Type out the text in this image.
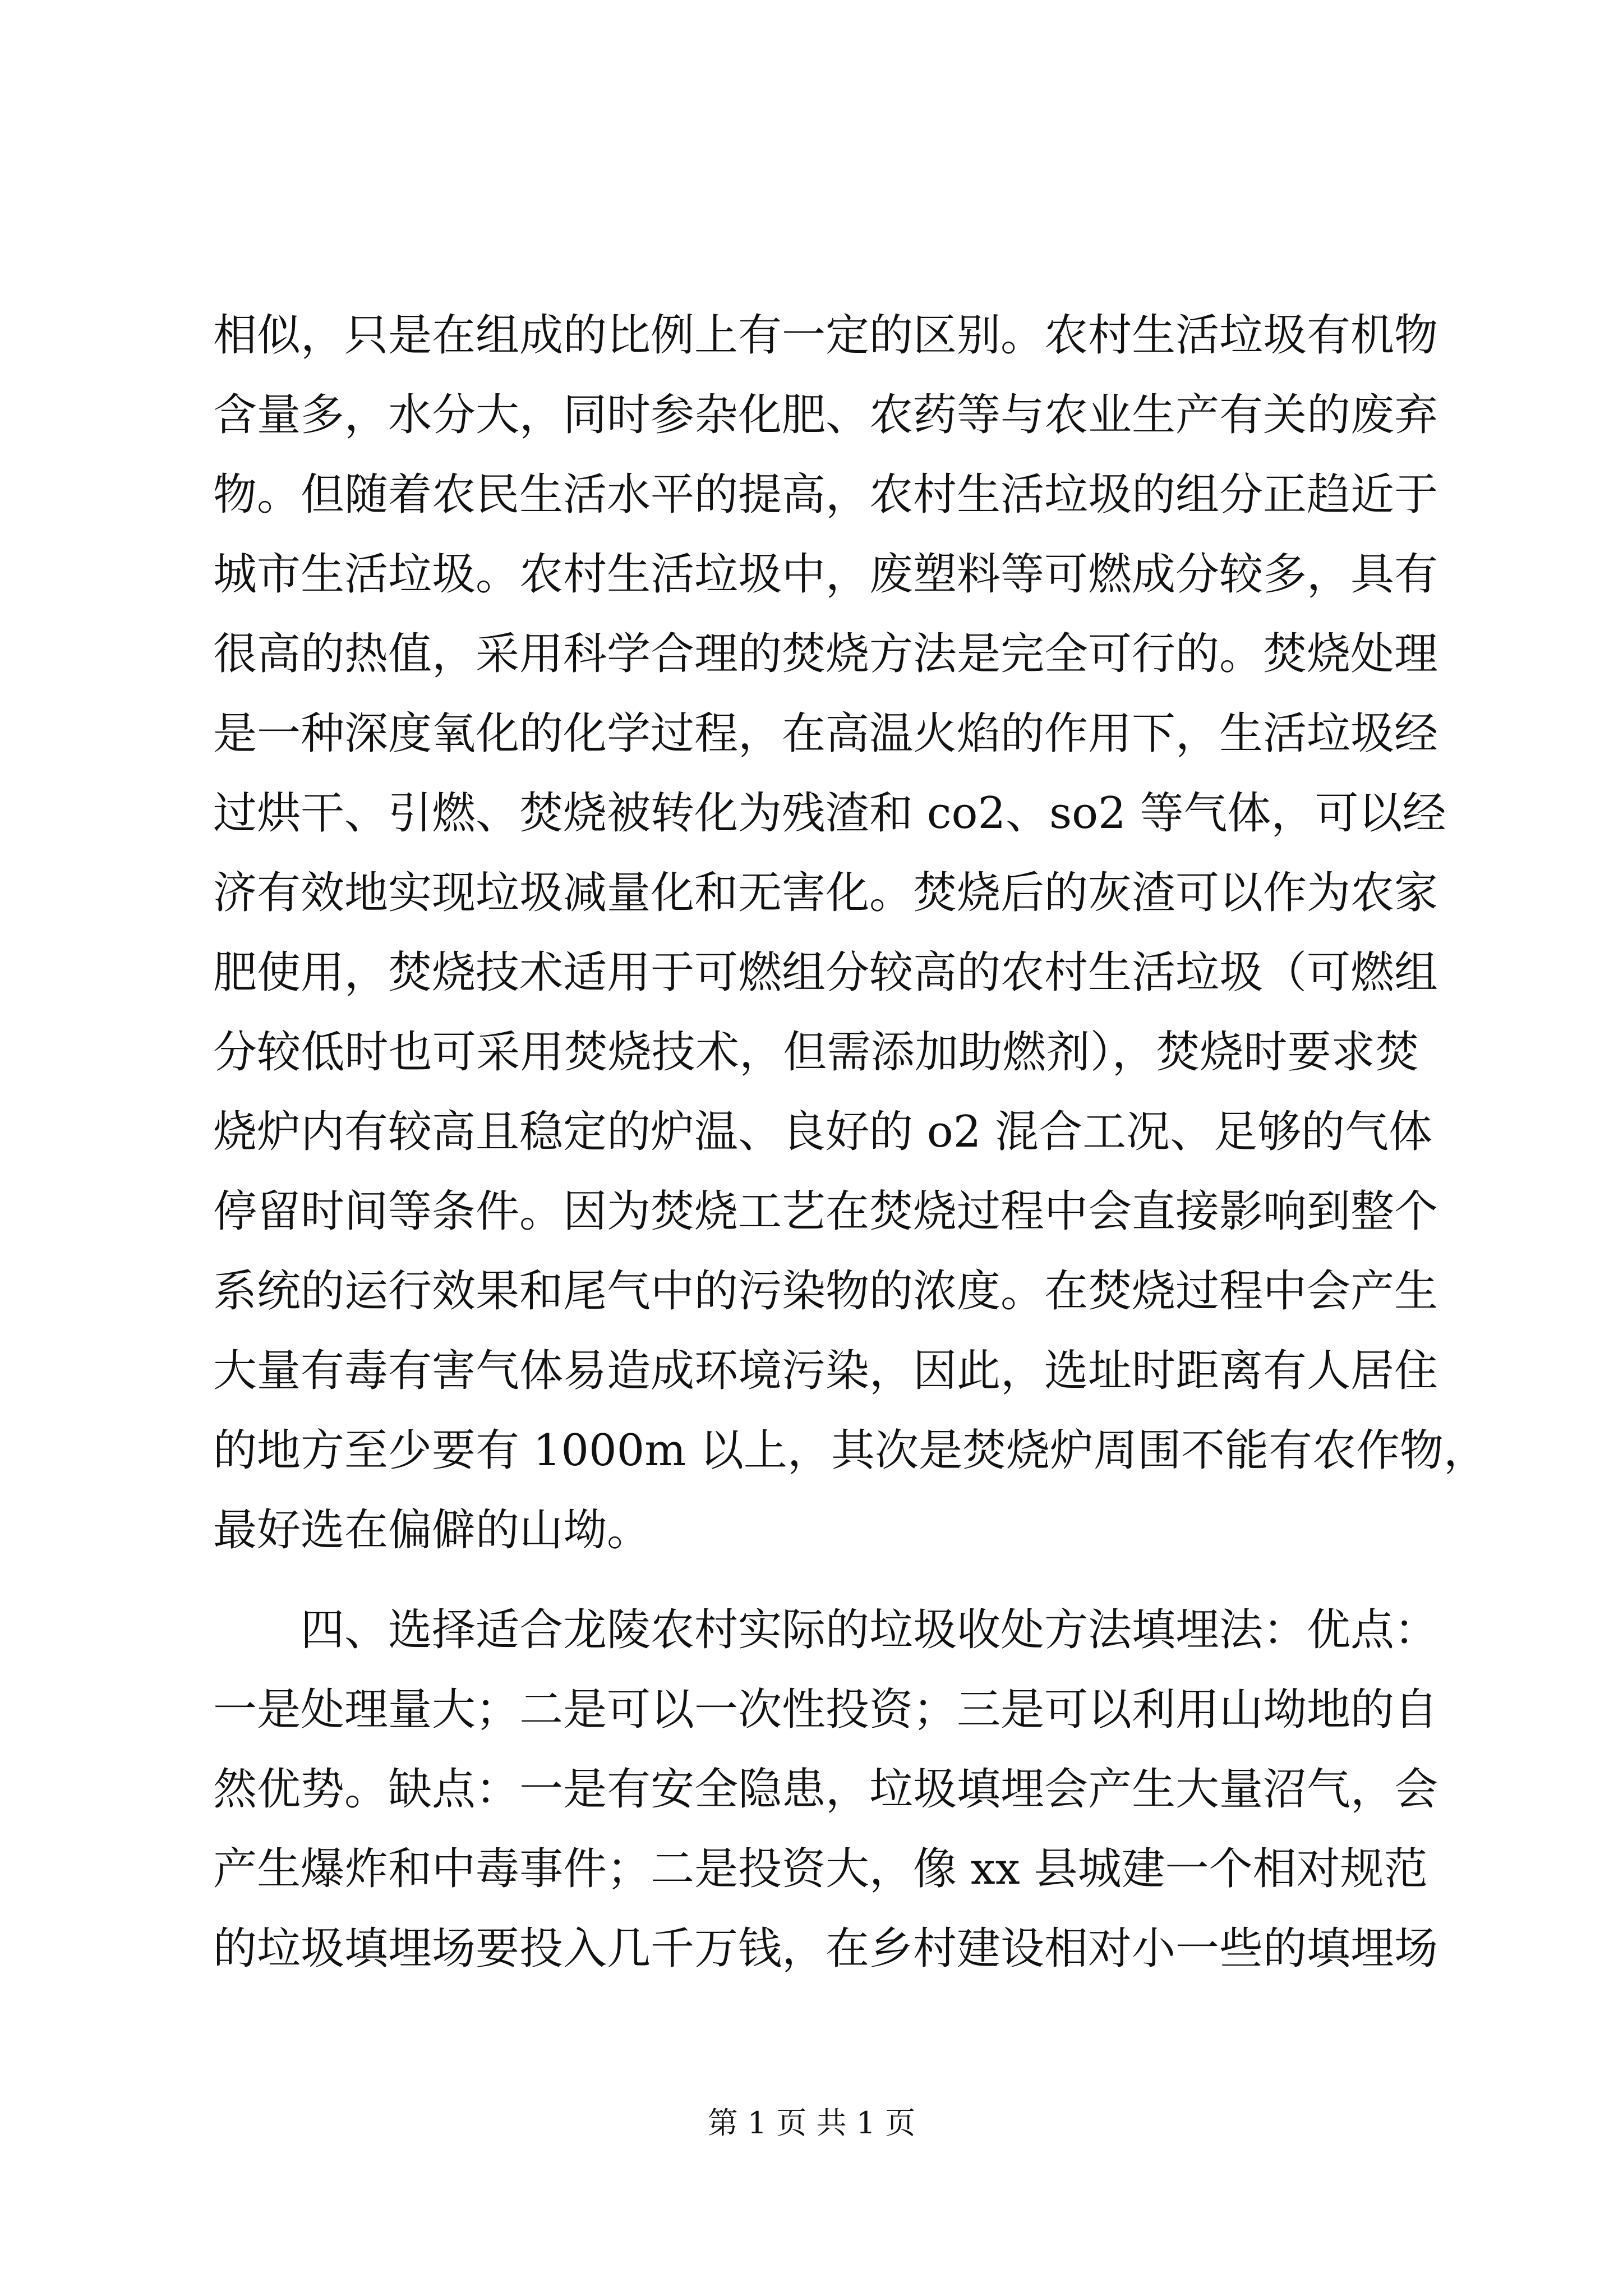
相似，只是在组成的比例上有一定的区别。农村生活垃圾有机物
含量多，水分大，同时参杂化肥、农药等与农业生产有关的废弃
物。但随着农民生活水平的提高，农村生活垃圾的组分正趋近于
城市生活垃圾。农村生活垃圾中，废塑料等可燃成分较多，具有
很高的热值，采用科学合理的焚烧方法是完全可行的。焚烧处理
是一种深度氧化的化学过程，在高温火焰的作用下，生活垃圾经
过烘干、引燃、焚烧被转化为残渣和 co2、so2 等气体，可以经
济有效地实现垃圾减量化和无害化。焚烧后的灰渣可以作为农家
肥使用，焚烧技术适用于可燃组分较高的农村生活垃圾（可燃组
分较低时也可采用焚烧技术，但需添加助燃剂），焚烧时要求焚
烧炉内有较高且稳定的炉温、良好的 o2 混合工况、足够的气体
停留时间等条件。因为焚烧工艺在焚烧过程中会直接影响到整个
系统的运行效果和尾气中的污染物的浓度。在焚烧过程中会产生
大量有毒有害气体易造成环境污染，因此，选址时距离有人居住
的地方至少要有 1000m 以上，其次是焚烧炉周围不能有农作物，
最好选在偏僻的山坳。
　　四、选择适合龙陵农村实际的垃圾收处方法填埋法：优点：
一是处理量大；二是可以一次性投资；三是可以利用山坳地的自
然优势。缺点：一是有安全隐患，垃圾填埋会产生大量沼气，会
产生爆炸和中毒事件；二是投资大，像 xx 县城建一个相对规范
的垃圾填埋场要投入几千万钱，在乡村建设相对小一些的填埋场
第 1 页 共 1 页
